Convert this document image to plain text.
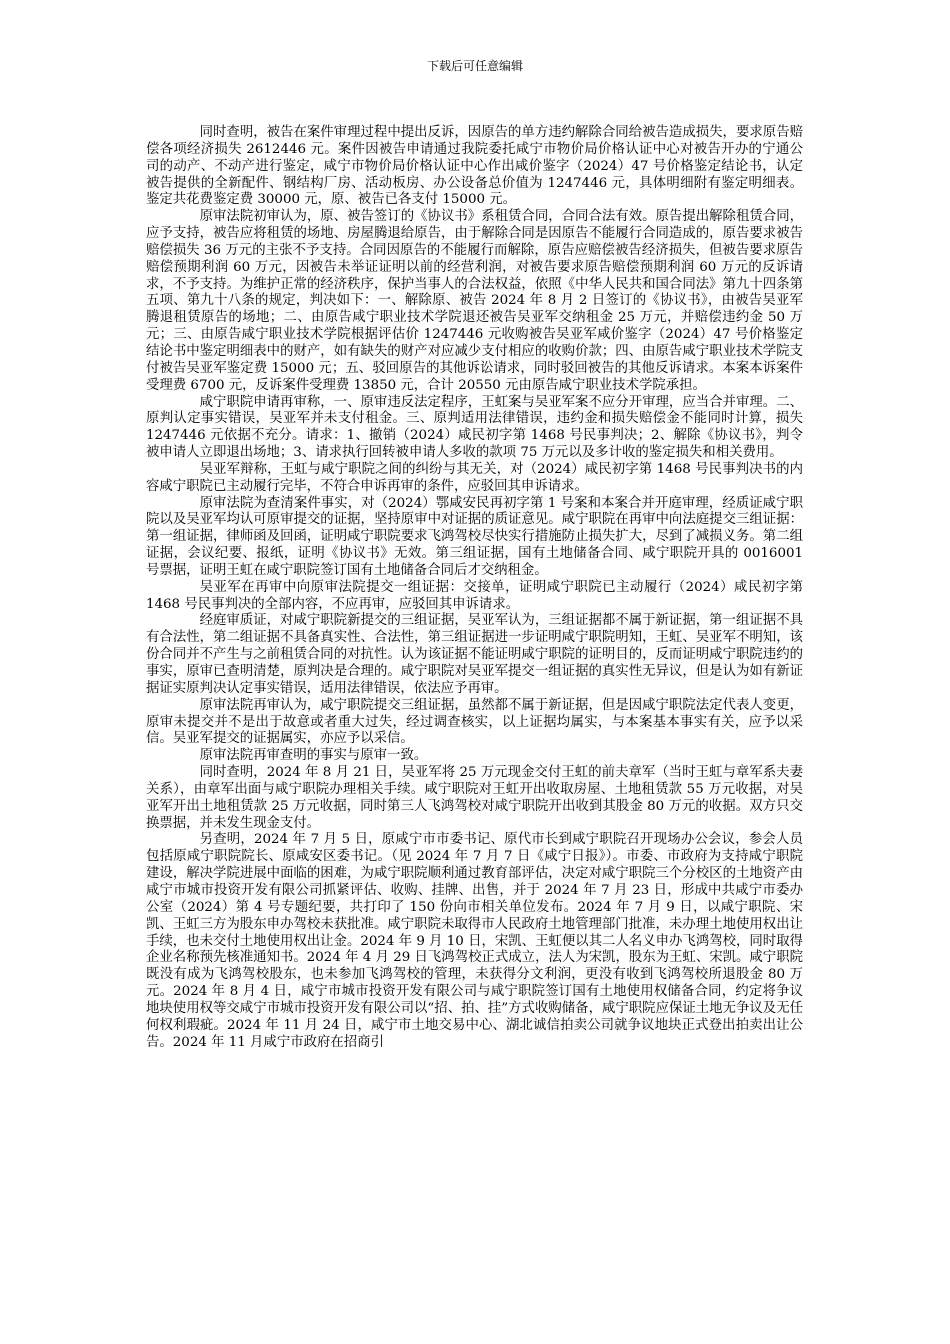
下载后可任意编辑

同时查明，被告在案件审理过程中提出反诉，因原告的单方违约解除合同给被告造成损失，要求原告赔偿各项经济损失 2612446 元。案件因被告申请通过我院委托咸宁市物价局价格认证中心对被告开办的宁通公司的动产、不动产进行鉴定，咸宁市物价局价格认证中心作出咸价鉴字（2024）47 号价格鉴定结论书，认定被告提供的全新配件、钢结构厂房、活动板房、办公设备总价值为 1247446 元，具体明细附有鉴定明细表。鉴定共花费鉴定费 30000 元，原、被告已各支付 15000 元。

原审法院初审认为，原、被告签订的《协议书》系租赁合同，合同合法有效。原告提出解除租赁合同，应予支持，被告应将租赁的场地、房屋腾退给原告，由于解除合同是因原告不能履行合同造成的，原告要求被告赔偿损失 36 万元的主张不予支持。合同因原告的不能履行而解除，原告应赔偿被告经济损失，但被告要求原告赔偿预期利润 60 万元，因被告未举证证明以前的经营利润，对被告要求原告赔偿预期利润 60 万元的反诉请求，不予支持。为维护正常的经济秩序，保护当事人的合法权益，依照《中华人民共和国合同法》第九十四条第五项、第九十八条的规定，判决如下：一、解除原、被告 2024 年 8 月 2 日签订的《协议书》，由被告吴亚军腾退租赁原告的场地；二、由原告咸宁职业技术学院退还被告吴亚军交纳租金 25 万元，并赔偿违约金 50 万元；三、由原告咸宁职业技术学院根据评估价 1247446 元收购被告吴亚军咸价鉴字（2024）47 号价格鉴定结论书中鉴定明细表中的财产，如有缺失的财产对应减少支付相应的收购价款；四、由原告咸宁职业技术学院支付被告吴亚军鉴定费 15000 元；五、驳回原告的其他诉讼请求，同时驳回被告的其他反诉请求。本案本诉案件受理费 6700 元，反诉案件受理费 13850 元，合计 20550 元由原告咸宁职业技术学院承担。

咸宁职院申请再审称，一、原审违反法定程序，王虹案与吴亚军案不应分开审理，应当合并审理。二、原判认定事实错误，吴亚军并未支付租金。三、原判适用法律错误，违约金和损失赔偿金不能同时计算，损失 1247446 元依据不充分。请求：1、撤销（2024）咸民初字第 1468 号民事判决；2、解除《协议书》，判令被申请人立即退出场地；3、请求执行回转被申请人多收的款项 75 万元以及多计收的鉴定损失和相关费用。

吴亚军辩称，王虹与咸宁职院之间的纠纷与其无关，对（2024）咸民初字第 1468 号民事判决书的内容咸宁职院已主动履行完毕，不符合申诉再审的条件，应驳回其申诉请求。

原审法院为查清案件事实，对（2024）鄂咸安民再初字第 1 号案和本案合并开庭审理，经质证咸宁职院以及吴亚军均认可原审提交的证据，坚持原审中对证据的质证意见。咸宁职院在再审中向法庭提交三组证据：第一组证据，律师函及回函，证明咸宁职院要求飞鸿驾校尽快实行措施防止损失扩大，尽到了减损义务。第二组证据，会议纪要、报纸，证明《协议书》无效。第三组证据，国有土地储备合同、咸宁职院开具的 0016001 号票据，证明王虹在咸宁职院签订国有土地储备合同后才交纳租金。

吴亚军在再审中向原审法院提交一组证据：交接单，证明咸宁职院已主动履行（2024）咸民初字第 1468 号民事判决的全部内容，不应再审，应驳回其申诉请求。

经庭审质证，对咸宁职院新提交的三组证据，吴亚军认为，三组证据都不属于新证据，第一组证据不具有合法性，第二组证据不具备真实性、合法性，第三组证据进一步证明咸宁职院明知，王虹、吴亚军不明知，该份合同并不产生与之前租赁合同的对抗性。认为该证据不能证明咸宁职院的证明目的，反而证明咸宁职院违约的事实，原审已查明清楚，原判决是合理的。咸宁职院对吴亚军提交一组证据的真实性无异议，但是认为如有新证据证实原判决认定事实错误，适用法律错误，依法应予再审。

原审法院再审认为，咸宁职院提交三组证据，虽然都不属于新证据，但是因咸宁职院法定代表人变更，原审未提交并不是出于故意或者重大过失，经过调查核实，以上证据均属实，与本案基本事实有关，应予以采信。吴亚军提交的证据属实，亦应予以采信。

原审法院再审查明的事实与原审一致。

同时查明，2024 年 8 月 21 日，吴亚军将 25 万元现金交付王虹的前夫章军（当时王虹与章军系夫妻关系），由章军出面与咸宁职院办理相关手续。咸宁职院对王虹开出收取房屋、土地租赁款 55 万元收据，对吴亚军开出土地租赁款 25 万元收据，同时第三人飞鸿驾校对咸宁职院开出收到其股金 80 万元的收据。双方只交换票据，并未发生现金支付。

另查明，2024 年 7 月 5 日，原咸宁市市委书记、原代市长到咸宁职院召开现场办公会议，参会人员包括原咸宁职院院长、原咸安区委书记。（见 2024 年 7 月 7 日《咸宁日报》）。市委、市政府为支持咸宁职院建设，解决学院进展中面临的困难，为咸宁职院顺利通过教育部评估，决定对咸宁职院三个分校区的土地资产由咸宁市城市投资开发有限公司抓紧评估、收购、挂牌、出售，并于 2024 年 7 月 23 日，形成中共咸宁市委办公室（2024）第 4 号专题纪要，共打印了 150 份向市相关单位发布。2024 年 7 月 9 日，以咸宁职院、宋凯、王虹三方为股东申办驾校未获批准。咸宁职院未取得市人民政府土地管理部门批准，未办理土地使用权出让手续，也未交付土地使用权出让金。2024 年 9 月 10 日，宋凯、王虹便以其二人名义申办飞鸿驾校，同时取得企业名称预先核准通知书。2024 年 4 月 29 日飞鸿驾校正式成立，法人为宋凯，股东为王虹、宋凯。咸宁职院既没有成为飞鸿驾校股东，也未参加飞鸿驾校的管理，未获得分文利润，更没有收到飞鸿驾校所退股金 80 万元。2024 年 8 月 4 日，咸宁市城市投资开发有限公司与咸宁职院签订国有土地使用权储备合同，约定将争议地块使用权等交咸宁市城市投资开发有限公司以“招、拍、挂”方式收购储备，咸宁职院应保证土地无争议及无任何权利瑕疵。2024 年 11 月 24 日，咸宁市土地交易中心、湖北诚信拍卖公司就争议地块正式登出拍卖出让公告。2024 年 11 月咸宁市政府在招商引
